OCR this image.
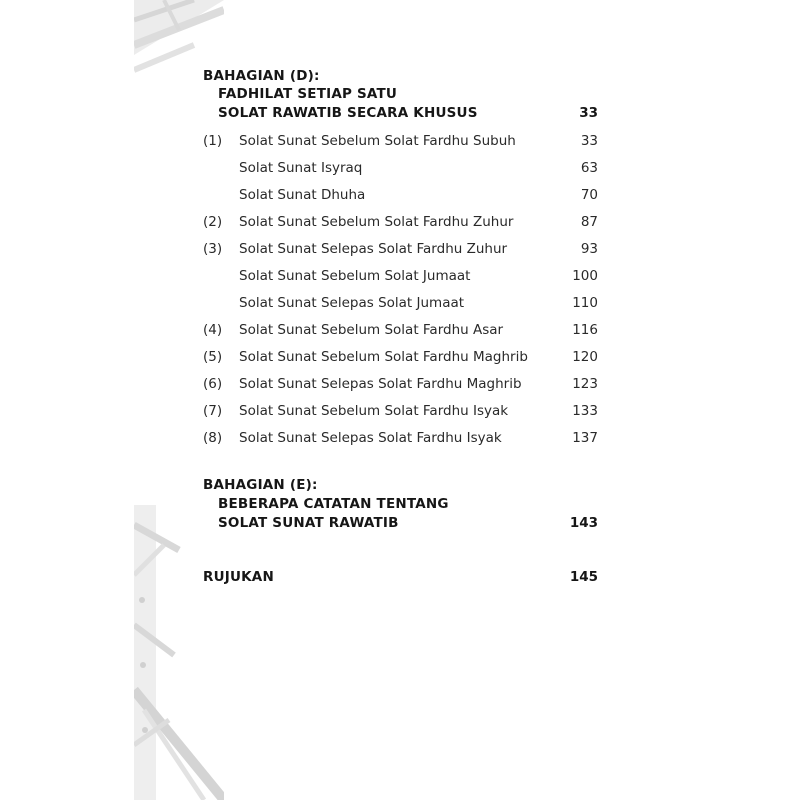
BAHAGIAN (D):
FADHILAT SETIAP SATU
SOLAT RAWATIB SECARA KHUSUS	33
(1) Solat Sunat Sebelum Solat Fardhu Subuh	33
Solat Sunat Isyraq	63
Solat Sunat Dhuha	70
(2) Solat Sunat Sebelum Solat Fardhu Zuhur	87
(3) Solat Sunat Selepas Solat Fardhu Zuhur	93
Solat Sunat Sebelum Solat Jumaat	100
Solat Sunat Selepas Solat Jumaat	110
(4) Solat Sunat Sebelum Solat Fardhu Asar	116
(5) Solat Sunat Sebelum Solat Fardhu Maghrib	120
(6) Solat Sunat Selepas Solat Fardhu Maghrib	123
(7) Solat Sunat Sebelum Solat Fardhu Isyak	133
(8) Solat Sunat Selepas Solat Fardhu Isyak	137
BAHAGIAN (E):
BEBERAPA CATATAN TENTANG
SOLAT SUNAT RAWATIB	143
RUJUKAN	145
